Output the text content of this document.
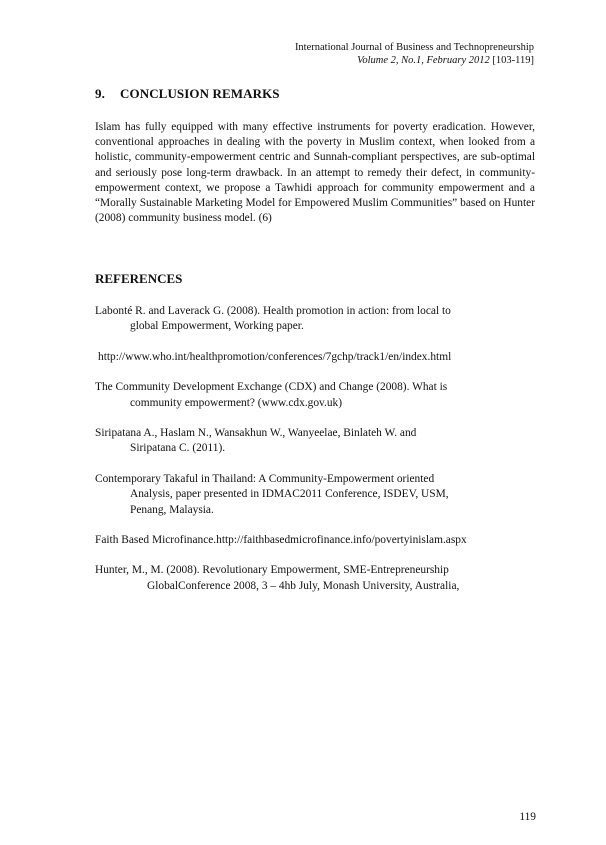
International Journal of Business and Technopreneurship
Volume 2, No.1, February 2012 [103-119]
9. CONCLUSION REMARKS
Islam has fully equipped with many effective instruments for poverty eradication. However, conventional approaches in dealing with the poverty in Muslim context, when looked from a holistic, community-empowerment centric and Sunnah-compliant perspectives, are sub-optimal and seriously pose long-term drawback. In an attempt to remedy their defect, in community-empowerment context, we propose a Tawhidi approach for community empowerment and a “Morally Sustainable Marketing Model for Empowered Muslim Communities” based on Hunter (2008) community business model. (6)
REFERENCES
Labonté R. and Laverack G. (2008). Health promotion in action: from local to
global Empowerment, Working paper.
http://www.who.int/healthpromotion/conferences/7gchp/track1/en/index.html
The Community Development Exchange (CDX) and Change (2008). What is
community empowerment? (www.cdx.gov.uk)
Siripatana A., Haslam N., Wansakhun W., Wanyeelae, Binlateh W. and
Siripatana C. (2011).
Contemporary Takaful in Thailand: A Community-Empowerment oriented
Analysis, paper presented in IDMAC2011 Conference, ISDEV, USM,
Penang, Malaysia.
Faith Based Microfinance.http://faithbasedmicrofinance.info/povertyinislam.aspx
Hunter, M., M. (2008). Revolutionary Empowerment, SME-Entrepreneurship
GlobalConference 2008, 3 – 4hb July, Monash University, Australia,
119
